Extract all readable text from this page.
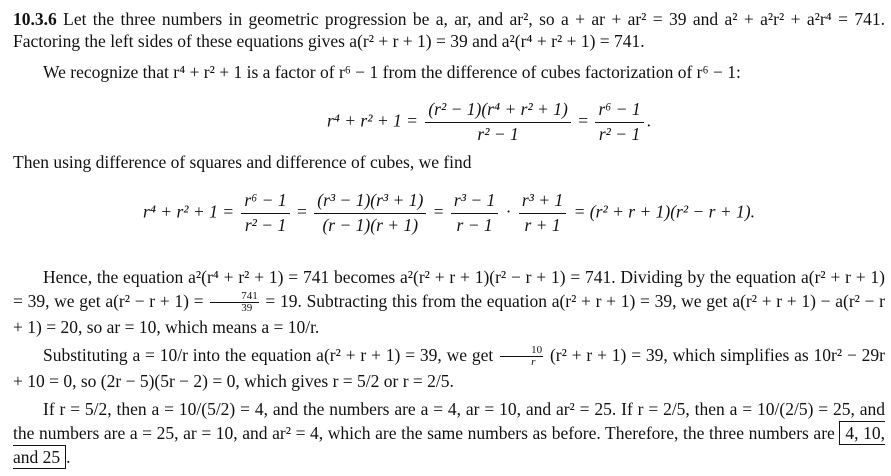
10.3.6 Let the three numbers in geometric progression be a, ar, and ar², so a + ar + ar² = 39 and a² + a²r² + a²r⁴ = 741. Factoring the left sides of these equations gives a(r² + r + 1) = 39 and a²(r⁴ + r² + 1) = 741.
We recognize that r⁴ + r² + 1 is a factor of r⁶ − 1 from the difference of cubes factorization of r⁶ − 1:
$r^4 + r^2 + 1 = \frac{\text{(r² − 1)(r⁴ + r² + 1)}}{\text{r² − 1}} = \frac{\text{r⁶ − 1}}{\text{r² − 1}}$ .
Then using difference of squares and difference of cubes, we find
$r^4 + r^2 + 1 = \frac{\text{r⁶ − 1}}{\text{r² − 1}} = \frac{\text{(r³ − 1)(r³ + 1)}}{(r - 1)(r + 1)} = \frac{\text{r³ − 1}}{r - 1} \cdot \frac{\text{r³ + 1}}{r + 1} = (r^2 + r + 1)(r^2 - r + 1)$.
Hence, the equation a²(r⁴ + r² + 1) = 741 becomes a²(r² + r + 1)(r² − r + 1) = 741. Dividing by the equation a(r² + r + 1) = 39, we get $a(r^2 - r + 1) = \frac{741}{39} = 19$. Subtracting this from the equation a(r² + r + 1) = 39, we get a(r² + r + 1) − a(r² − r + 1) = 20, so ar = 10, which means a = 10/r.
Substituting a = 10/r into the equation a(r² + r + 1) = 39, we get $\frac{10}{r} (r^2 + r + 1) = 39$, which simplifies as 10r² − 29r + 10 = 0, so (2r − 5)(5r − 2) = 0, which gives r = 5/2 or r = 2/5.
If r = 5/2, then a = 10/(5/2) = 4, and the numbers are a = 4, ar = 10, and ar² = 25. If r = 2/5, then a = 10/(2/5) = 25, and the numbers are a = 25, ar = 10, and ar² = 4, which are the same numbers as before. Therefore, the three numbers are 4, 10, and 25 .
